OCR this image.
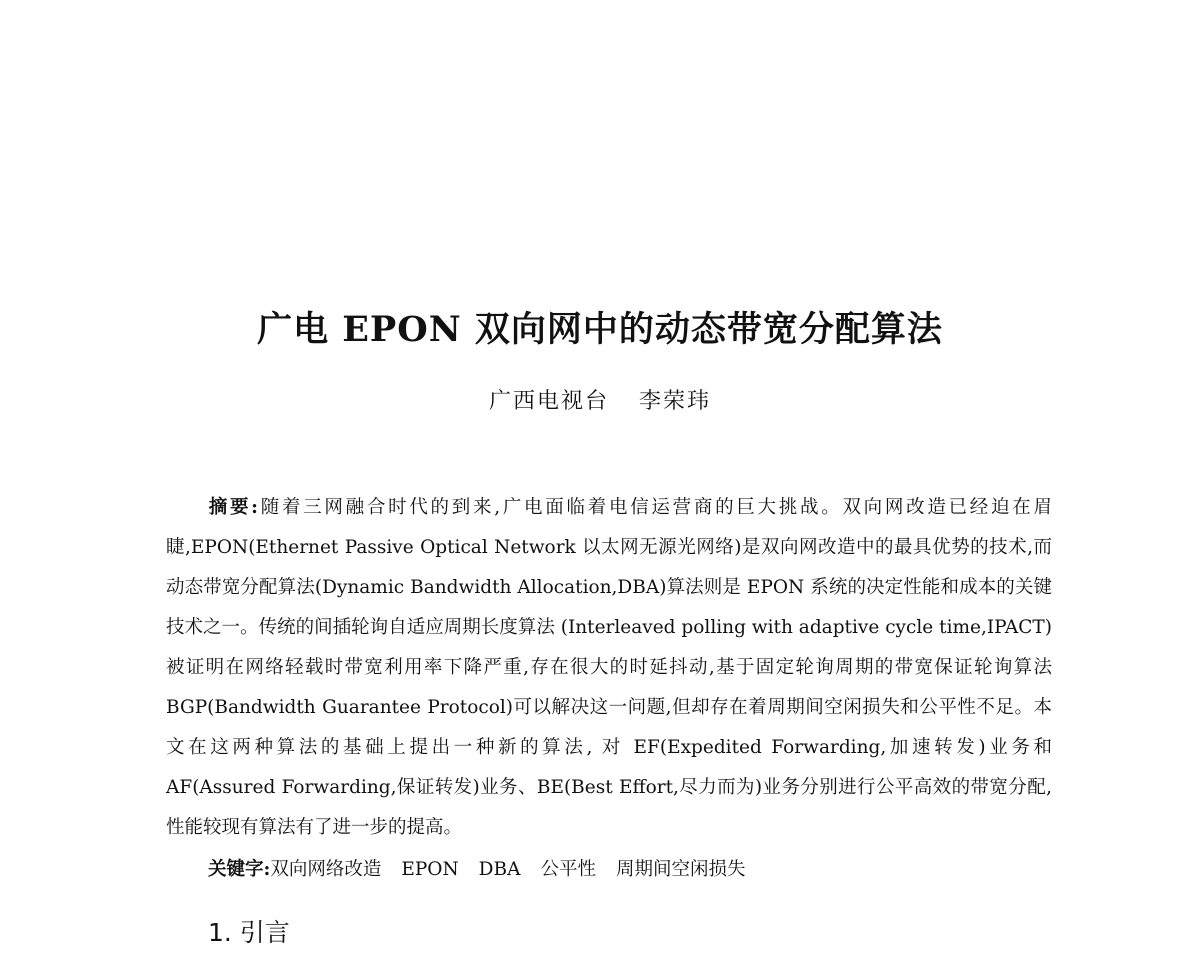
广电 EPON 双向网中的动态带宽分配算法
广西电视台 李荣玮

摘要:随着三网融合时代的到来,广电面临着电信运营商的巨大挑战。双向网改造已经迫在眉睫,EPON(Ethernet Passive Optical Network 以太网无源光网络)是双向网改造中的最具优势的技术,而动态带宽分配算法(Dynamic Bandwidth Allocation,DBA)算法则是 EPON 系统的决定性能和成本的关键技术之一。传统的间插轮询自适应周期长度算法 (Interleaved polling with adaptive cycle time,IPACT)被证明在网络轻载时带宽利用率下降严重,存在很大的时延抖动,基于固定轮询周期的带宽保证轮询算法 BGP(Bandwidth Guarantee Protocol)可以解决这一问题,但却存在着周期间空闲损失和公平性不足。本文在这两种算法的基础上提出一种新的算法, 对 EF(Expedited Forwarding,加速转发)业务和 AF(Assured Forwarding,保证转发)业务、BE(Best Effort,尽力而为)业务分别进行公平高效的带宽分配,性能较现有算法有了进一步的提高。

关键字:双向网络改造 EPON DBA 公平性 周期间空闲损失
1. 引言
